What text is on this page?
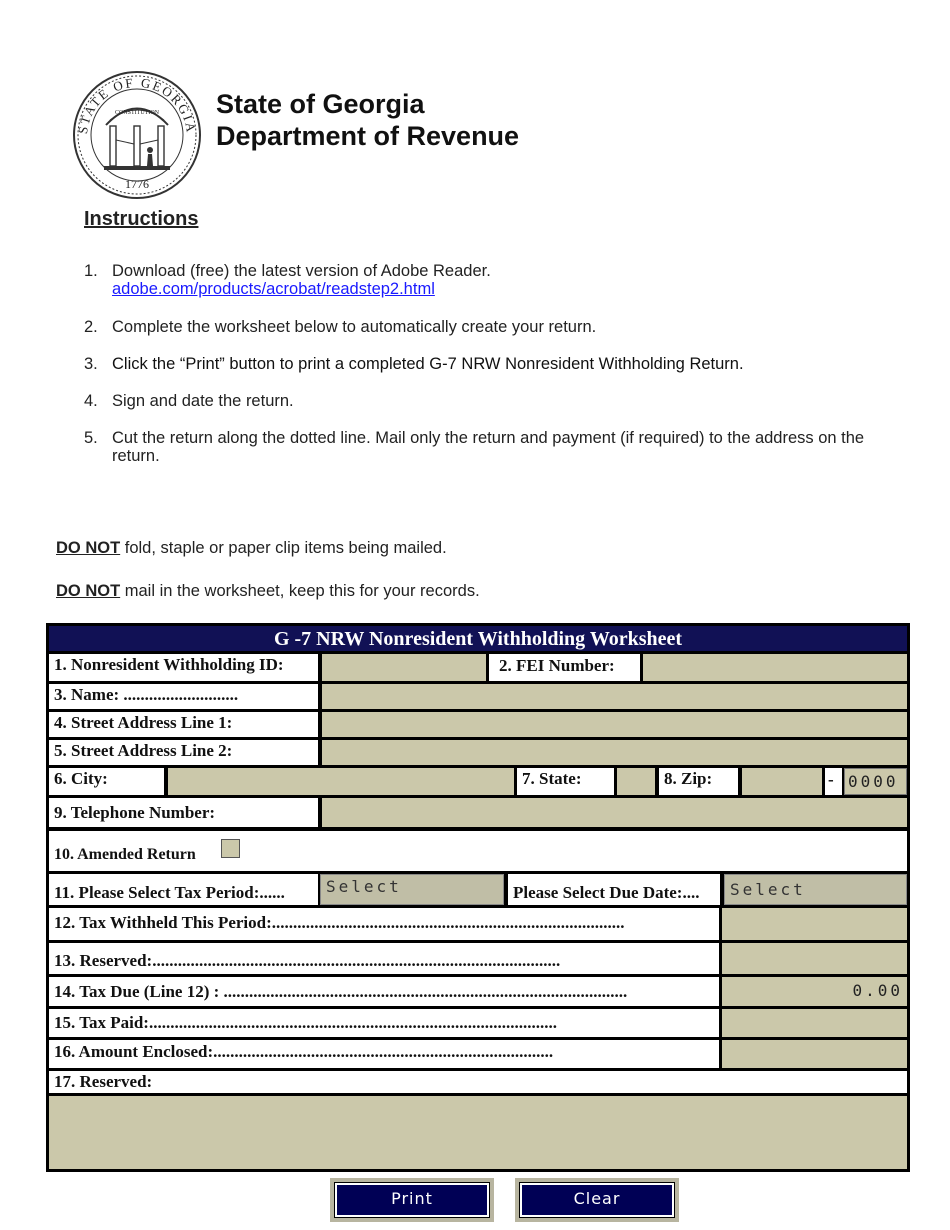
STATE OF GEORGIA
CONSTITUTION
1776
State of Georgia
Department of Revenue
Instructions
1. Download (free) the latest version of Adobe Reader.
adobe.com/products/acrobat/readstep2.html
2. Complete the worksheet below to automatically create your return.
3. Click the “Print” button to print a completed G-7 NRW Nonresident Withholding Return.
4. Sign and date the return.
5. Cut the return along the dotted line. Mail only the return and payment (if required) to the address on the return.
DO NOT fold, staple or paper clip items being mailed.
DO NOT mail in the worksheet, keep this for your records.
G -7 NRW Nonresident Withholding Worksheet
1. Nonresident Withholding ID:	2. FEI Number:
3. Name: ...........................
4. Street Address Line 1:
5. Street Address Line 2:
6. City:	7. State:	8. Zip:	- 0000
9. Telephone Number:
10. Amended Return
11. Please Select Tax Period:......	Select	Please Select Due Date:....	Select
12. Tax Withheld This Period:...................................................................................
13. Reserved:................................................................................................
14. Tax Due (Line 12) : ...............................................................................................	0.00
15. Tax Paid:................................................................................................
16. Amount Enclosed:................................................................................
17. Reserved:
Print	Clear
